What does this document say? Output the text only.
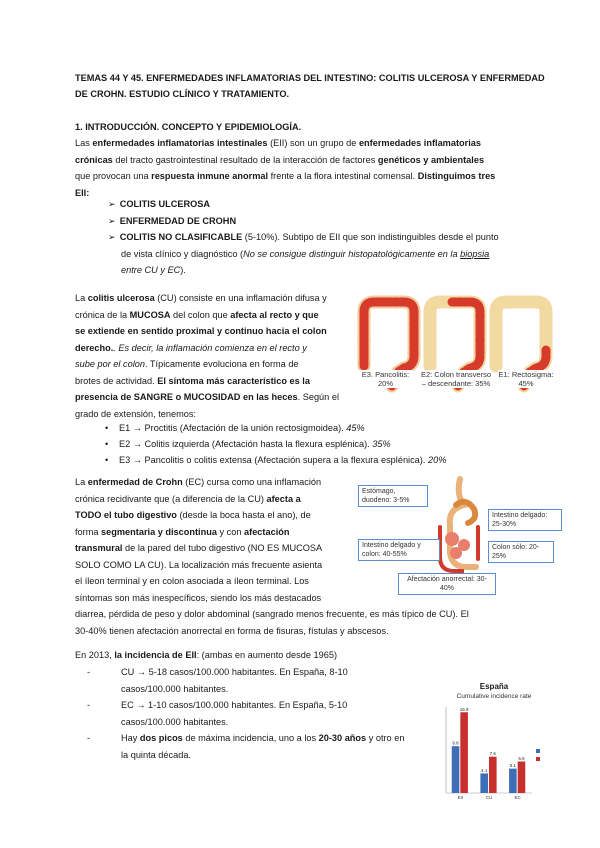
TEMAS 44 Y 45. ENFERMEDADES INFLAMATORIAS DEL INTESTINO: COLITIS ULCEROSA Y ENFERMEDAD DE CROHN. ESTUDIO CLÍNICO Y TRATAMIENTO.
1. INTRODUCCIÓN. CONCEPTO Y EPIDEMIOLOGÍA.
Las enfermedades inflamatorias intestinales (EII) son un grupo de enfermedades inflamatorias
crónicas del tracto gastrointestinal resultado de la interacción de factores genéticos y ambientales
que provocan una respuesta inmune anormal frente a la flora intestinal comensal. Distinguimos tres
EII:
➢ COLITIS ULCEROSA
➢ ENFERMEDAD DE CROHN
➢ COLITIS NO CLASIFICABLE (5-10%). Subtipo de EII que son indistinguibles desde el punto
de vista clínico y diagnóstico (No se consigue distinguir histopatológicamente en la biopsia
entre CU y EC).
La colitis ulcerosa (CU) consiste en una inflamación difusa y
crónica de la MUCOSA del colon que afecta al recto y que
se extiende en sentido proximal y continuo hacia el colon
derecho.. Es decir, la inflamación comienza en el recto y
sube por el colon. Típicamente evoluciona en forma de
brotes de actividad. El síntoma más característico es la
presencia de SANGRE o MUCOSIDAD en las heces. Según el
grado de extensión, tenemos:
• E1 → Proctitis (Afectación de la unión rectosigmoidea). 45%
• E2 → Colitis izquierda (Afectación hasta la flexura esplénica). 35%
• E3 → Pancolitis o colitis extensa (Afectación supera a la flexura esplénica). 20%
E3. Pancolitis: 20%
E2: Colon transverso – descendante: 35%
E1: Rectosigma: 45%
La enfermedad de Crohn (EC) cursa como una inflamación
crónica recidivante que (a diferencia de la CU) afecta a
TODO el tubo digestivo (desde la boca hasta el ano), de
forma segmentaria y discontinua y con afectación
transmural de la pared del tubo digestivo (NO ES MUCOSA
SOLO COMO LA CU). La localización más frecuente asienta
el íleon terminal y en colon asociada a íleon terminal. Los
síntomas son más inespecíficos, siendo los más destacados
diarrea, pérdida de peso y dolor abdominal (sangrado menos frecuente, es más típico de CU). El
30-40% tienen afectación anorrectal en forma de fisuras, fístulas y abscesos.
Estómago, duodeno: 3-5%
Intestino delgado y colon: 40-55%
Intestino delgado: 25-30%
Colon sólo: 20-25%
Afectación anorrectal: 30-40%
En 2013, la incidencia de EII: (ambas en aumento desde 1965)
-	CU → 5-18 casos/100.000 habitantes. En España, 8-10
casos/100.000 habitantes.
-	EC → 1-10 casos/100.000 habitantes. En España, 5-10
casos/100.000 habitantes.
-	Hay dos picos de máxima incidencia, uno a los 20-30 años y otro en
la quinta década.
España
Cumulative incidence rate
9.8
16.9
EII
4.1
7.6
CU
5.1
6.6
EC
